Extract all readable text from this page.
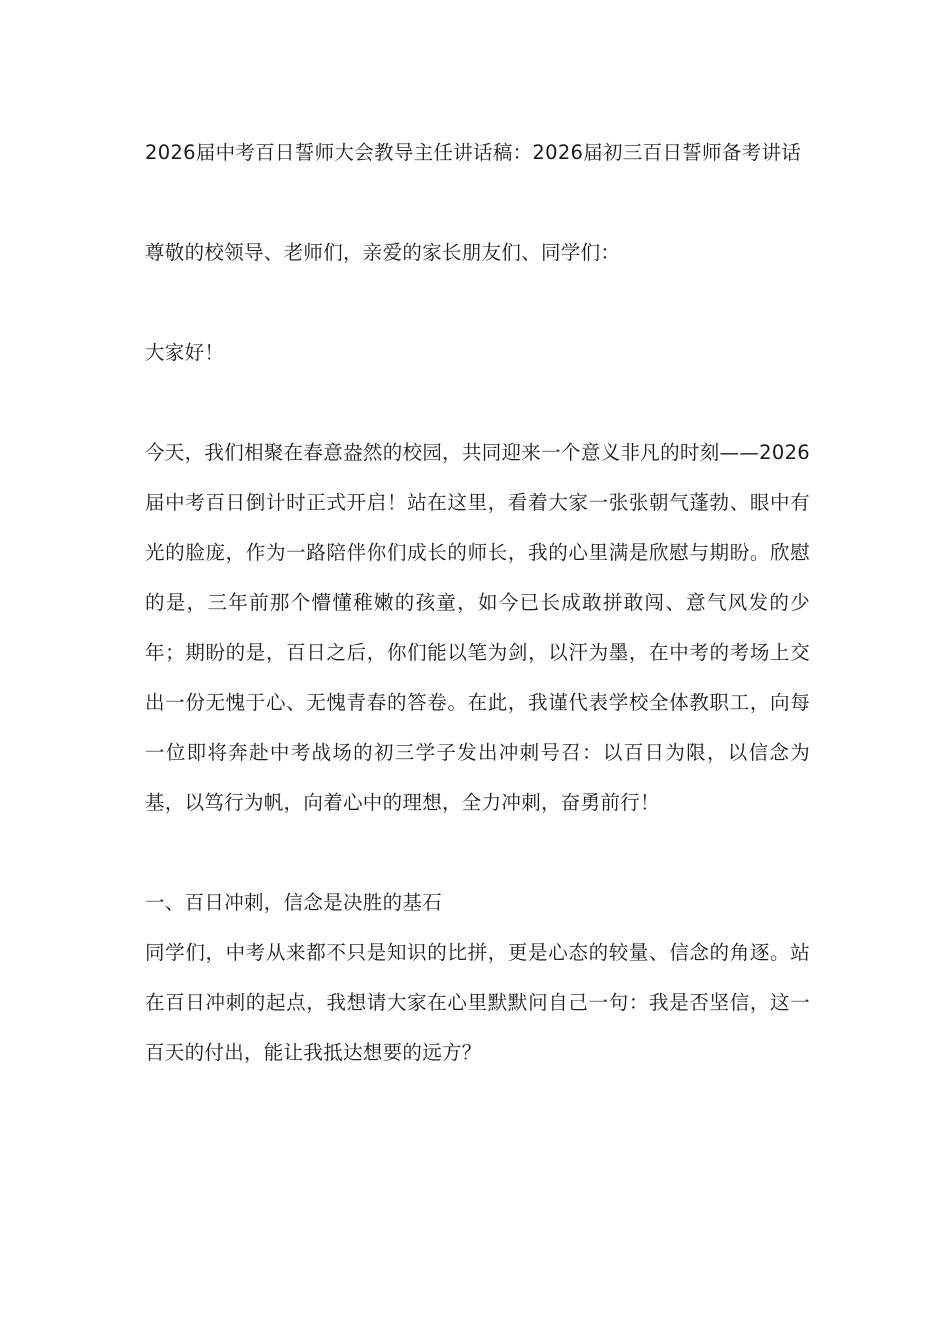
2026届中考百日誓师大会教导主任讲话稿：2026届初三百日誓师备考讲话

尊敬的校领导、老师们，亲爱的家长朋友们、同学们：

大家好！

今天，我们相聚在春意盎然的校园，共同迎来一个意义非凡的时刻——2026届中考百日倒计时正式开启！站在这里，看着大家一张张朝气蓬勃、眼中有光的脸庞，作为一路陪伴你们成长的师长，我的心里满是欣慰与期盼。欣慰的是，三年前那个懵懂稚嫩的孩童，如今已长成敢拼敢闯、意气风发的少年；期盼的是，百日之后，你们能以笔为剑，以汗为墨，在中考的考场上交出一份无愧于心、无愧青春的答卷。在此，我谨代表学校全体教职工，向每一位即将奔赴中考战场的初三学子发出冲刺号召：以百日为限，以信念为基，以笃行为帆，向着心中的理想，全力冲刺，奋勇前行！

一、百日冲刺，信念是决胜的基石

同学们，中考从来都不只是知识的比拼，更是心态的较量、信念的角逐。站在百日冲刺的起点，我想请大家在心里默默问自己一句：我是否坚信，这一百天的付出，能让我抵达想要的远方？
